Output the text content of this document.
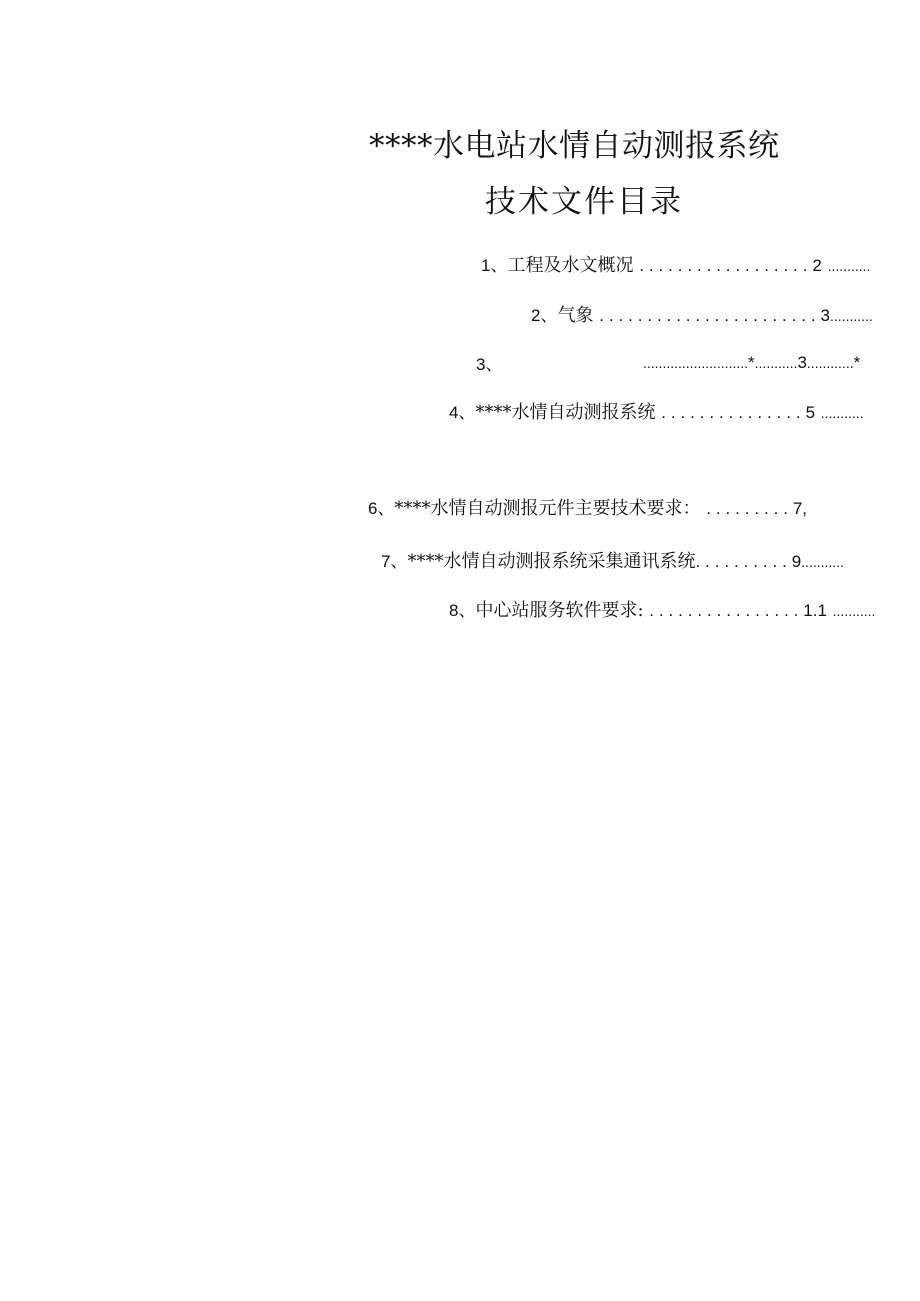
****水电站水情自动测报系统
技术文件目录
1、工程及水文概况 ..................2 ...........
2、气象 .......................3...........
3、	...........................*...........3............*
4、****水情自动测报系统 ...............5 ...........
6、****水情自动测报元件主要技术要求： .........7,
7、****水情自动测报系统采集通讯系统..........9...........
8、中心站服务软件要求: ................1.1 ...........
